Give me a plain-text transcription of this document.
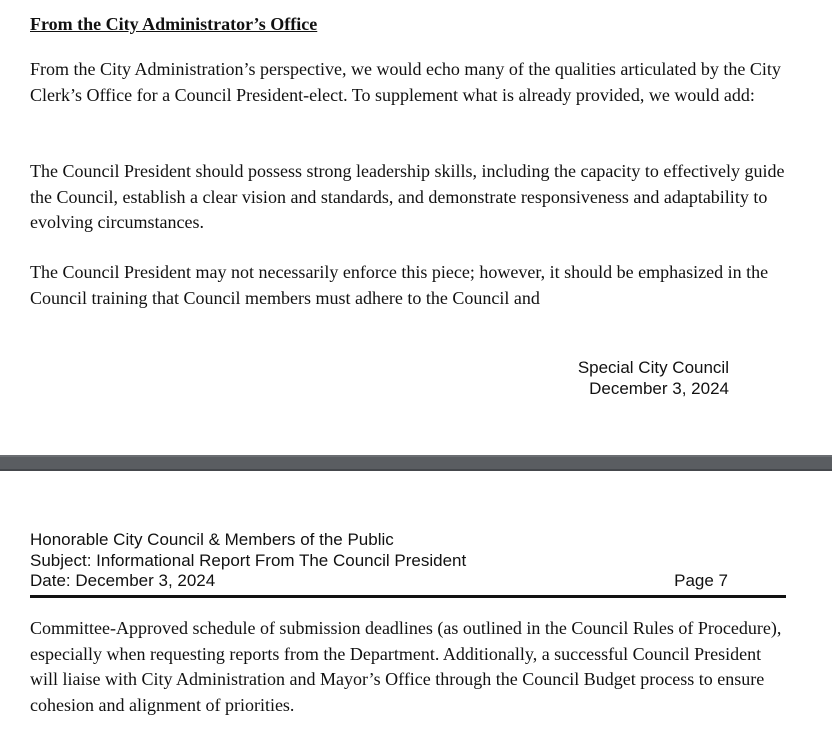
From the City Administrator’s Office

From the City Administration’s perspective, we would echo many of the qualities articulated by the City Clerk’s Office for a Council President-elect. To supplement what is already provided, we would add:

The Council President should possess strong leadership skills, including the capacity to effectively guide the Council, establish a clear vision and standards, and demonstrate responsiveness and adaptability to evolving circumstances.

The Council President may not necessarily enforce this piece; however, it should be emphasized in the Council training that Council members must adhere to the Council and

Special City Council
December 3, 2024
Honorable City Council & Members of the Public
Subject: Informational Report From The Council President
Date: December 3, 2024	Page 7

Committee-Approved schedule of submission deadlines (as outlined in the Council Rules of Procedure), especially when requesting reports from the Department. Additionally, a successful Council President will liaise with City Administration and Mayor’s Office through the Council Budget process to ensure cohesion and alignment of priorities.
